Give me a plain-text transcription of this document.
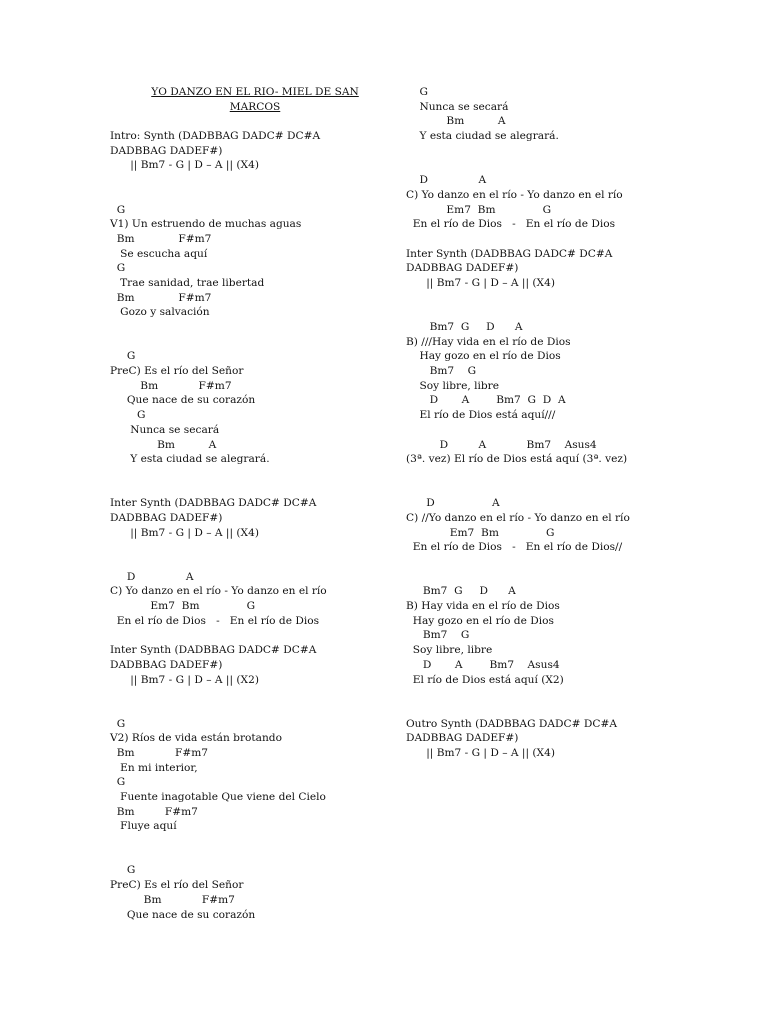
YO DANZO EN EL RIO- MIEL DE SAN
MARCOS
Intro: Synth (DADBBAG DADC# DC#A
DADBBAG DADEF#)
|| Bm7 - G | D – A || (X4)
G
V1) Un estruendo de muchas aguas
Bm             F#m7
Se escucha aquí
G
Trae sanidad, trae libertad
Bm             F#m7
Gozo y salvación
G
PreC) Es el río del Señor
Bm            F#m7
Que nace de su corazón
G
Nunca se secará
Bm          A
Y esta ciudad se alegrará.
Inter Synth (DADBBAG DADC# DC#A
DADBBAG DADEF#)
|| Bm7 - G | D – A || (X4)
D               A
C) Yo danzo en el río - Yo danzo en el río
Em7  Bm              G
En el río de Dios   -   En el río de Dios
Inter Synth (DADBBAG DADC# DC#A
DADBBAG DADEF#)
|| Bm7 - G | D – A || (X2)
G
V2) Ríos de vida están brotando
Bm            F#m7
En mi interior,
G
Fuente inagotable Que viene del Cielo
Bm         F#m7
Fluye aquí
G
PreC) Es el río del Señor
Bm            F#m7
Que nace de su corazón
G
Nunca se secará
Bm          A
Y esta ciudad se alegrará.
D               A
C) Yo danzo en el río - Yo danzo en el río
Em7  Bm              G
En el río de Dios   -   En el río de Dios
Inter Synth (DADBBAG DADC# DC#A
DADBBAG DADEF#)
|| Bm7 - G | D – A || (X4)
Bm7  G     D      A
B) ///Hay vida en el río de Dios
Hay gozo en el río de Dios
Bm7    G
Soy libre, libre
D       A        Bm7  G  D  A
El río de Dios está aquí///
D         A            Bm7    Asus4
(3ª. vez) El río de Dios está aquí (3ª. vez)
D                 A
C) //Yo danzo en el río - Yo danzo en el río
Em7  Bm              G
En el río de Dios   -   En el río de Dios//
Bm7  G     D      A
B) Hay vida en el río de Dios
Hay gozo en el río de Dios
Bm7    G
Soy libre, libre
D       A        Bm7    Asus4
El río de Dios está aquí (X2)
Outro Synth (DADBBAG DADC# DC#A
DADBBAG DADEF#)
|| Bm7 - G | D – A || (X4)
